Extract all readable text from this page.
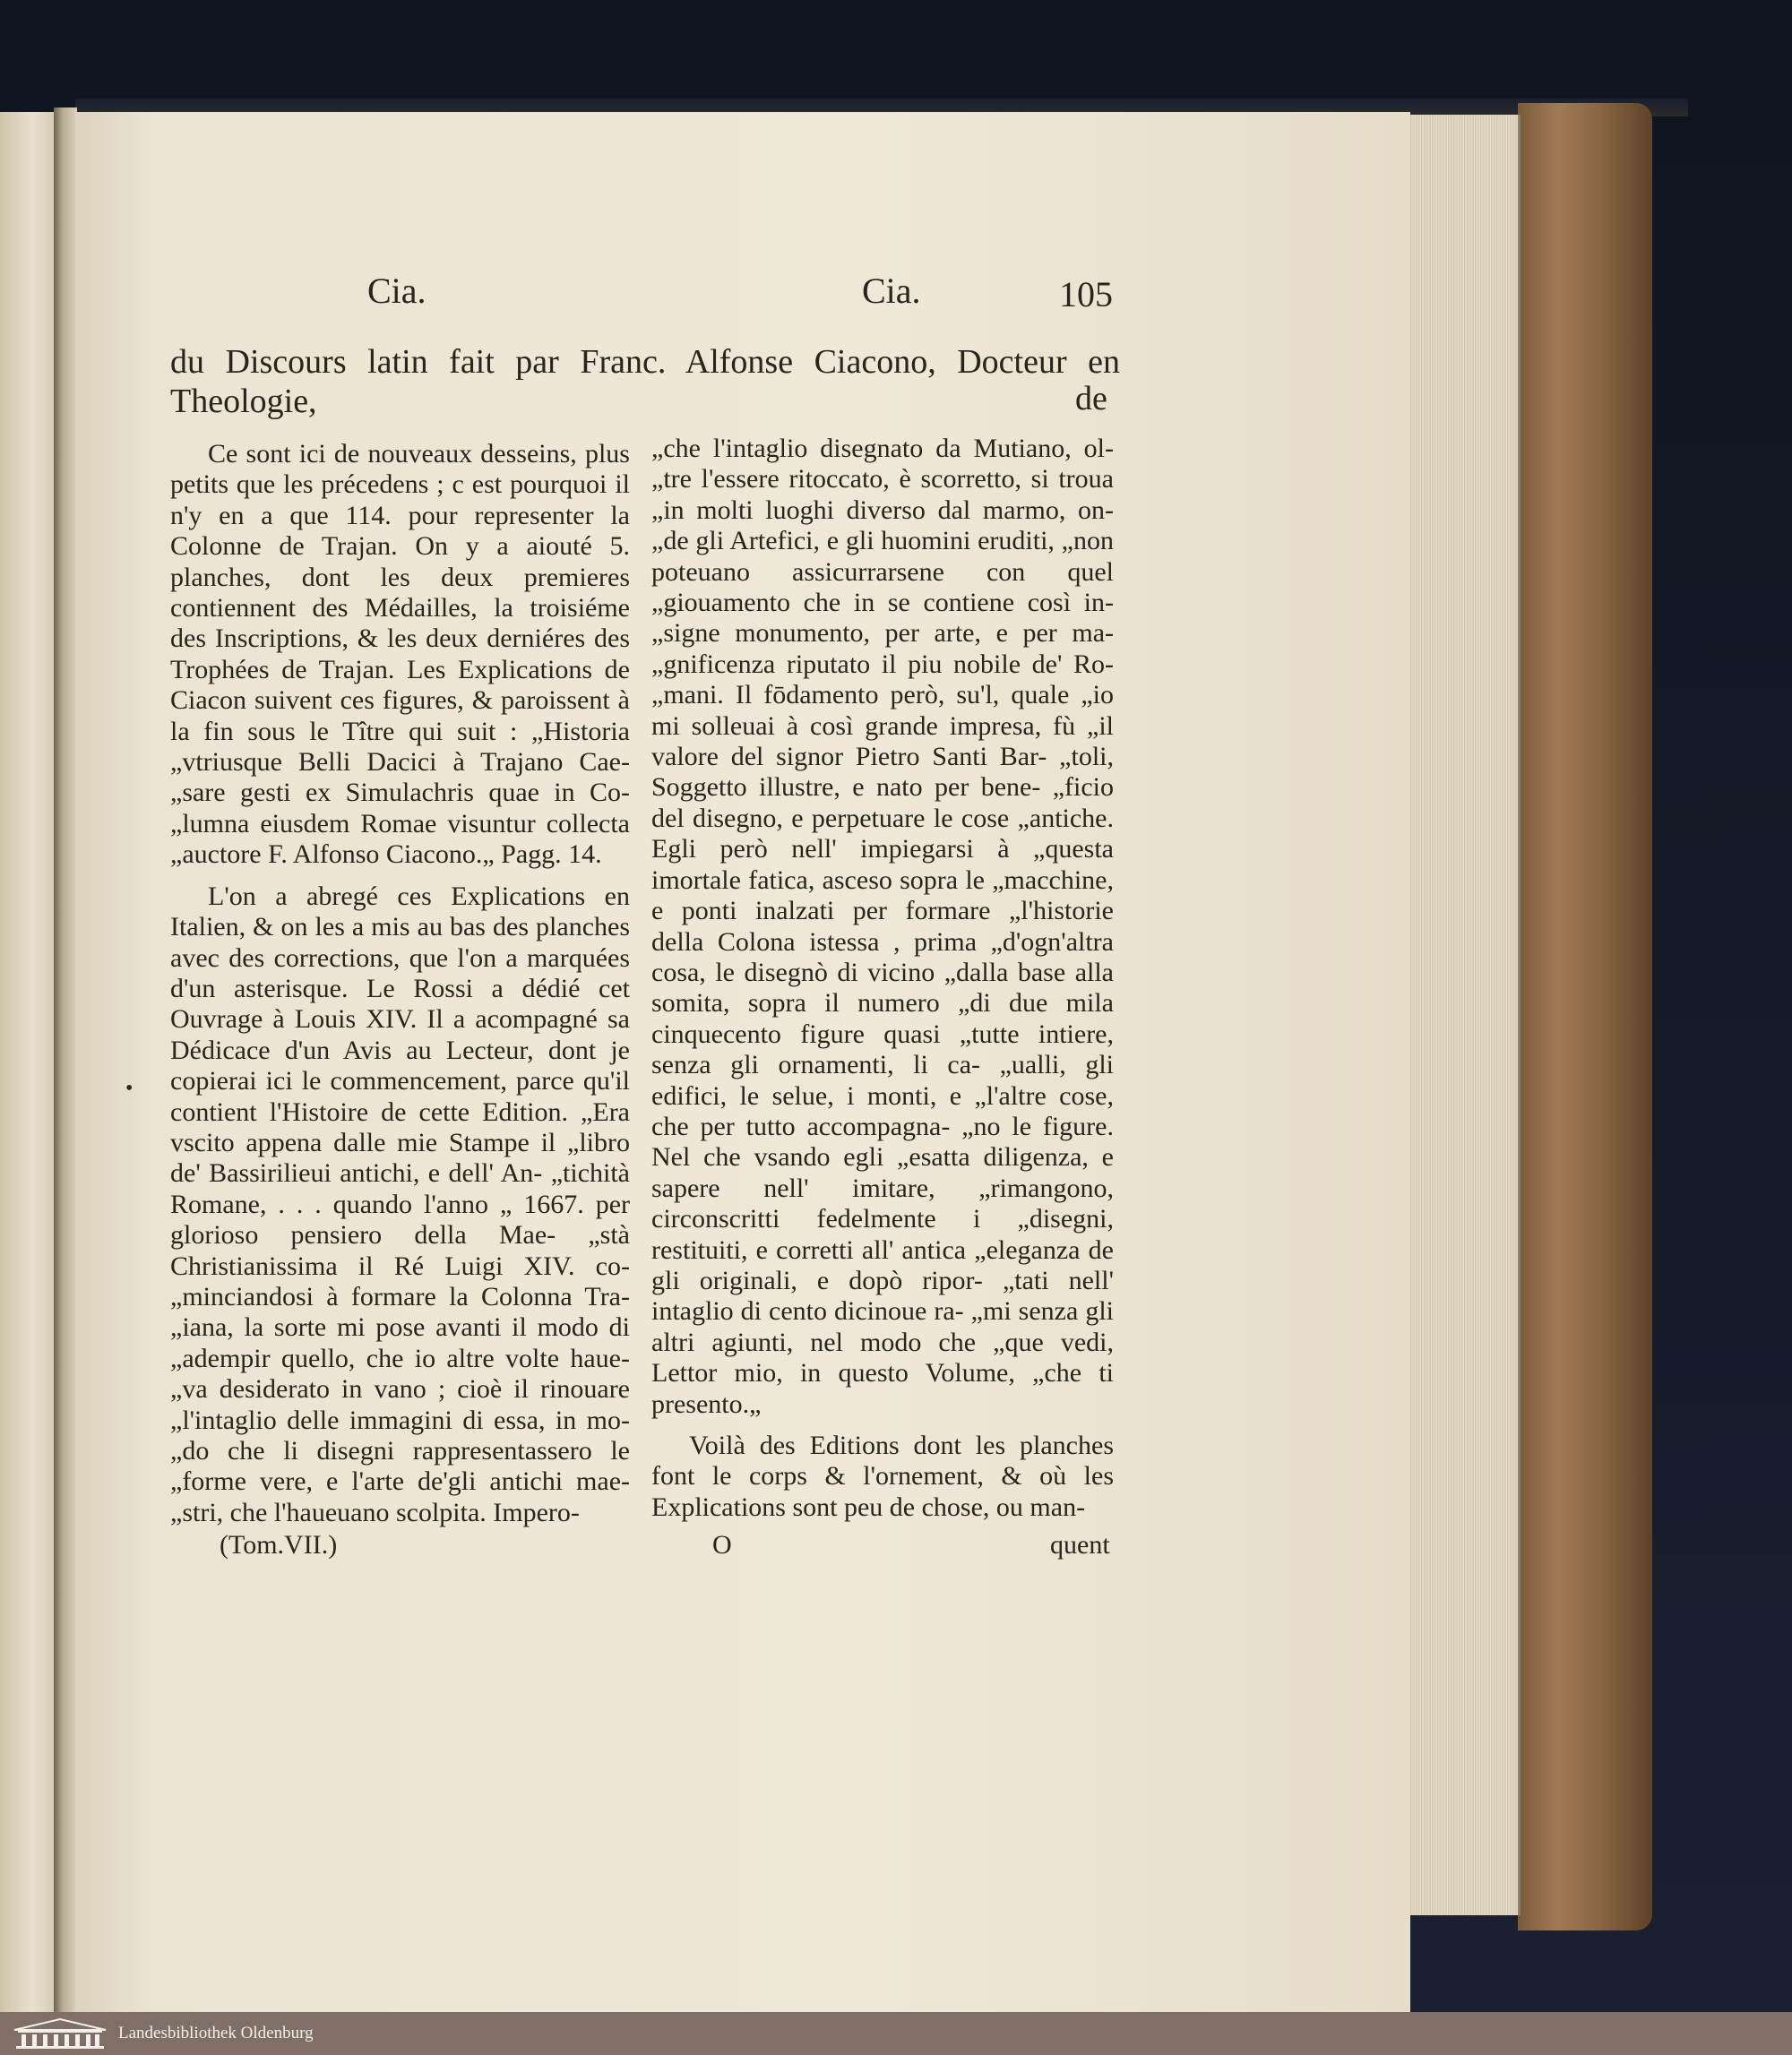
Cia.	Cia.	105
du Discours latin fait par Franc. Alfonse Ciacono, Docteur en Theologie,	de
•

Ce sont ici de nouveaux desseins, plus petits que les précedens ; c est pourquoi il n'y en a que 114. pour representer la Colonne de Trajan. On y a aiouté 5. planches, dont les deux premieres contiennent des Médailles, la troisiéme des Inscriptions, & les deux derniéres des Trophées de Trajan. Les Explications de Ciacon suivent ces figures, & paroissent à la fin sous le Tître qui suit : „Historia „vtriusque Belli Dacici à Trajano Cae- „sare gesti ex Simulachris quae in Co- „lumna eiusdem Romae visuntur collecta „auctore F. Alfonso Ciacono.„ Pagg. 14.

L'on a abregé ces Explications en Italien, & on les a mis au bas des planches avec des corrections, que l'on a marquées d'un asterisque. Le Rossi a dédié cet Ouvrage à Louis XIV. Il a acompagné sa Dédicace d'un Avis au Lecteur, dont je copierai ici le commencement, parce qu'il contient l'Histoire de cette Edition. „Era vscito appena dalle mie Stampe il „libro de' Bassirilieui antichi, e dell' An- „tichità Romane, . . . quando l'anno „ 1667. per glorioso pensiero della Mae- „stà Christianissima il Ré Luigi XIV. co- „minciandosi à formare la Colonna Tra- „iana, la sorte mi pose avanti il modo di „adempir quello, che io altre volte haue- „va desiderato in vano ; cioè il rinouare „l'intaglio delle immagini di essa, in mo- „do che li disegni rappresentassero le „forme vere, e l'arte de'gli antichi mae- „stri, che l'haueuano scolpita. Impero-

„che l'intaglio disegnato da Mutiano, ol- „tre l'essere ritoccato, è scorretto, si troua „in molti luoghi diverso dal marmo, on- „de gli Artefici, e gli huomini eruditi, „non poteuano assicurrarsene con quel „giouamento che in se contiene così in- „signe monumento, per arte, e per ma- „gnificenza riputato il piu nobile de' Ro- „mani. Il fōdamento però, su'l, quale „io mi solleuai à così grande impresa, fù „il valore del signor Pietro Santi Bar- „toli, Soggetto illustre, e nato per bene- „ficio del disegno, e perpetuare le cose „antiche. Egli però nell' impiegarsi à „questa imortale fatica, ascesо sopra le „macchine, e ponti inalzati per formare „l'historie della Colona istessa , prima „d'ogn'altra cosa, le disegnò di vicino „dalla base alla somita, sopra il numero „di due mila cinquecento figure quasi „tutte intiere, senza gli ornamenti, li ca- „ualli, gli edifici, le selue, i monti, e „l'altre cose, che per tutto accompagna- „no le figure. Nel che vsando egli „esatta diligenza, e sapere nell' imitare, „rimangono, circonscritti fedelmente i „disegni, restituiti, e corretti all' antica „eleganza de gli originali, e dopò ripor- „tati nell' intaglio di cento dicinoue ra- „mi senza gli altri agiunti, nel modo che „que vedi, Lettor mio, in questo Volume, „che ti presento.„

Voilà des Editions dont les planches font le corps & l'ornement, & où les Explications sont peu de chose, ou man-

(Tom.VII.)	O	quent
Landesbibliothek Oldenburg
